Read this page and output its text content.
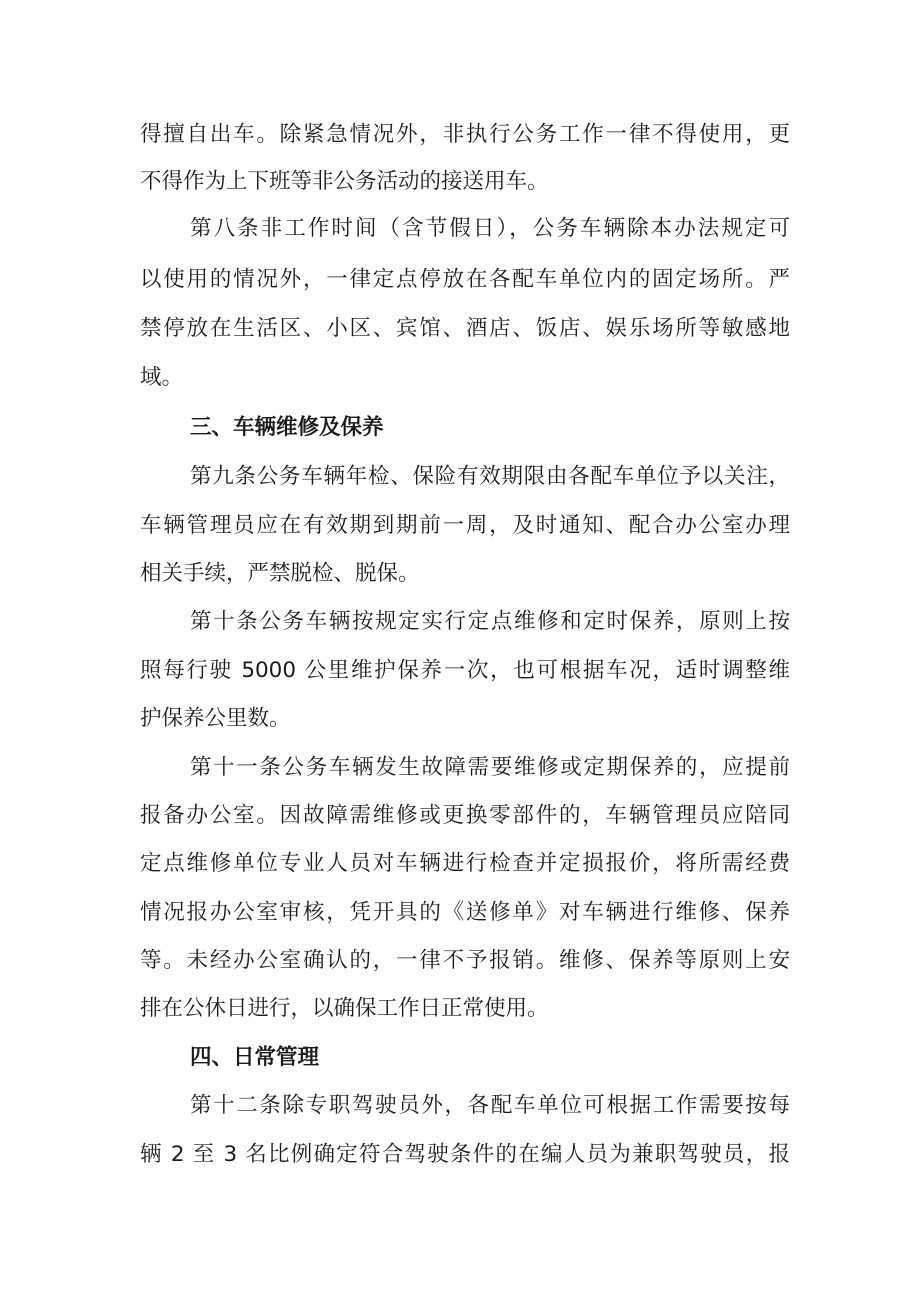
得擅自出车。除紧急情况外，非执行公务工作一律不得使用，更
不得作为上下班等非公务活动的接送用车。
第八条非工作时间（含节假日），公务车辆除本办法规定可
以使用的情况外，一律定点停放在各配车单位内的固定场所。严
禁停放在生活区、小区、宾馆、酒店、饭店、娱乐场所等敏感地
域。
三、车辆维修及保养
第九条公务车辆年检、保险有效期限由各配车单位予以关注，
车辆管理员应在有效期到期前一周，及时通知、配合办公室办理
相关手续，严禁脱检、脱保。
第十条公务车辆按规定实行定点维修和定时保养，原则上按
照每行驶 5000 公里维护保养一次，也可根据车况，适时调整维
护保养公里数。
第十一条公务车辆发生故障需要维修或定期保养的，应提前
报备办公室。因故障需维修或更换零部件的，车辆管理员应陪同
定点维修单位专业人员对车辆进行检查并定损报价，将所需经费
情况报办公室审核，凭开具的《送修单》对车辆进行维修、保养
等。未经办公室确认的，一律不予报销。维修、保养等原则上安
排在公休日进行，以确保工作日正常使用。
四、日常管理
第十二条除专职驾驶员外，各配车单位可根据工作需要按每
辆 2 至 3 名比例确定符合驾驶条件的在编人员为兼职驾驶员，报
